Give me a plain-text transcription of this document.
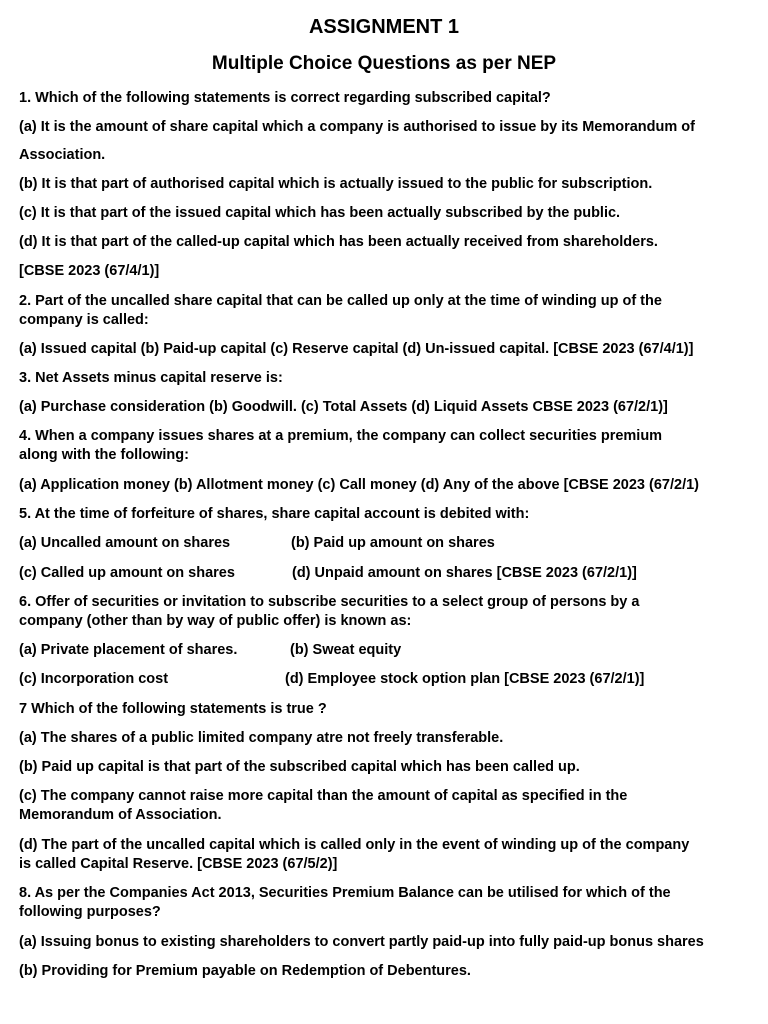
ASSIGNMENT 1
Multiple Choice Questions as per NEP
1. Which of the following statements is correct regarding subscribed capital?
(a) It is the amount of share capital which a company is authorised to issue by its Memorandum of
Association.
(b) It is that part of authorised capital which is actually issued to the public for subscription.
(c) It is that part of the issued capital which has been actually subscribed by the public.
(d) It is that part of the called-up capital which has been actually received from shareholders.
[CBSE 2023 (67/4/1)]
2. Part of the uncalled share capital that can be called up only at the time of winding up of the
company is called:
(a) Issued capital (b) Paid-up capital (c) Reserve capital (d) Un-issued capital. [CBSE 2023 (67/4/1)]
3. Net Assets minus capital reserve is:
(a) Purchase consideration (b) Goodwill. (c) Total Assets (d) Liquid Assets CBSE 2023 (67/2/1)]
4. When a company issues shares at a premium, the company can collect securities premium
along with the following:
(a) Application money (b) Allotment money (c) Call money (d) Any of the above [CBSE 2023 (67/2/1)
5. At the time of forfeiture of shares, share capital account is debited with:
(a) Uncalled amount on shares	(b) Paid up amount on shares
(c) Called up amount on shares	(d) Unpaid amount on shares [CBSE 2023 (67/2/1)]
6. Offer of securities or invitation to subscribe securities to a select group of persons by a
company (other than by way of public offer) is known as:
(a) Private placement of shares.	(b) Sweat equity
(c) Incorporation cost	(d) Employee stock option plan [CBSE 2023 (67/2/1)]
7 Which of the following statements is true ?
(a) The shares of a public limited company atre not freely transferable.
(b) Paid up capital is that part of the subscribed capital which has been called up.
(c) The company cannot raise more capital than the amount of capital as specified in the
Memorandum of Association.
(d) The part of the uncalled capital which is called only in the event of winding up of the company
is called Capital Reserve. [CBSE 2023 (67/5/2)]
8. As per the Companies Act 2013, Securities Premium Balance can be utilised for which of the
following purposes?
(a) Issuing bonus to existing shareholders to convert partly paid-up into fully paid-up bonus shares
(b) Providing for Premium payable on Redemption of Debentures.
